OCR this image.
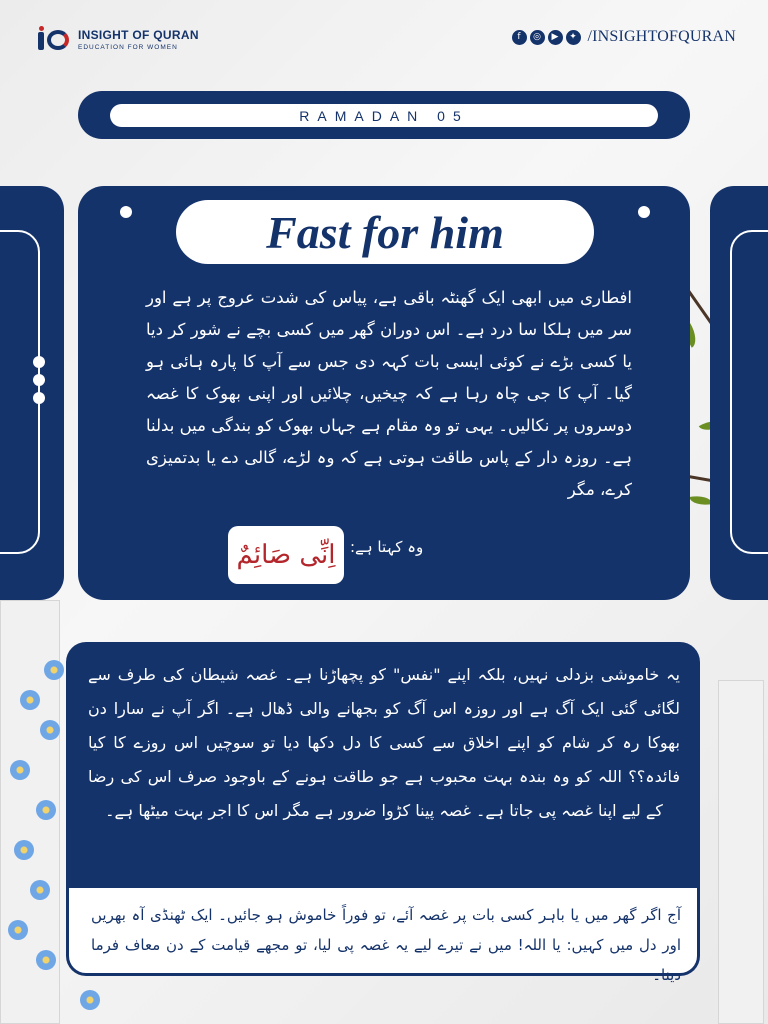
INSIGHT OF QURAN
EDUCATION FOR WOMEN
f	◎	▶	✦ /INSIGHTOFQURAN
RAMADAN 05
Fast for him
افطاری میں ابھی ایک گھنٹہ باقی ہے، پیاس کی شدت عروج پر ہے اور سر میں ہلکا سا درد ہے۔ اس دوران گھر میں کسی بچے نے شور کر دیا یا کسی بڑے نے کوئی ایسی بات کہہ دی جس سے آپ کا پارہ ہائی ہو گیا۔ آپ کا جی چاہ رہا ہے کہ چیخیں، چلائیں اور اپنی بھوک کا غصہ دوسروں پر نکالیں۔ یہی تو وہ مقام ہے جہاں بھوک کو بندگی میں بدلنا ہے۔ روزہ دار کے پاس طاقت ہوتی ہے کہ وہ لڑے، گالی دے یا بدتمیزی کرے، مگر
وہ کہتا ہے:
اِنِّی صَائِمٌ
یہ خاموشی بزدلی نہیں، بلکہ اپنے "نفس" کو پچھاڑنا ہے۔ غصہ شیطان کی طرف سے لگائی گئی ایک آگ ہے اور روزہ اس آگ کو بجھانے والی ڈھال ہے۔ اگر آپ نے سارا دن بھوکا رہ کر شام کو اپنے اخلاق سے کسی کا دل دکھا دیا تو سوچیں اس روزے کا کیا فائدہ؟؟ اللہ کو وہ بندہ بہت محبوب ہے جو طاقت ہونے کے باوجود صرف اس کی رضا کے لیے اپنا غصہ پی جاتا ہے۔ غصہ پینا کڑوا ضرور ہے مگر اس کا اجر بہت میٹھا ہے۔
آج اگر گھر میں یا باہر کسی بات پر غصہ آئے، تو فوراً خاموش ہو جائیں۔ ایک ٹھنڈی آہ بھریں اور دل میں کہیں: یا اللہ! میں نے تیرے لیے یہ غصہ پی لیا، تو مجھے قیامت کے دن معاف فرما دینا۔
